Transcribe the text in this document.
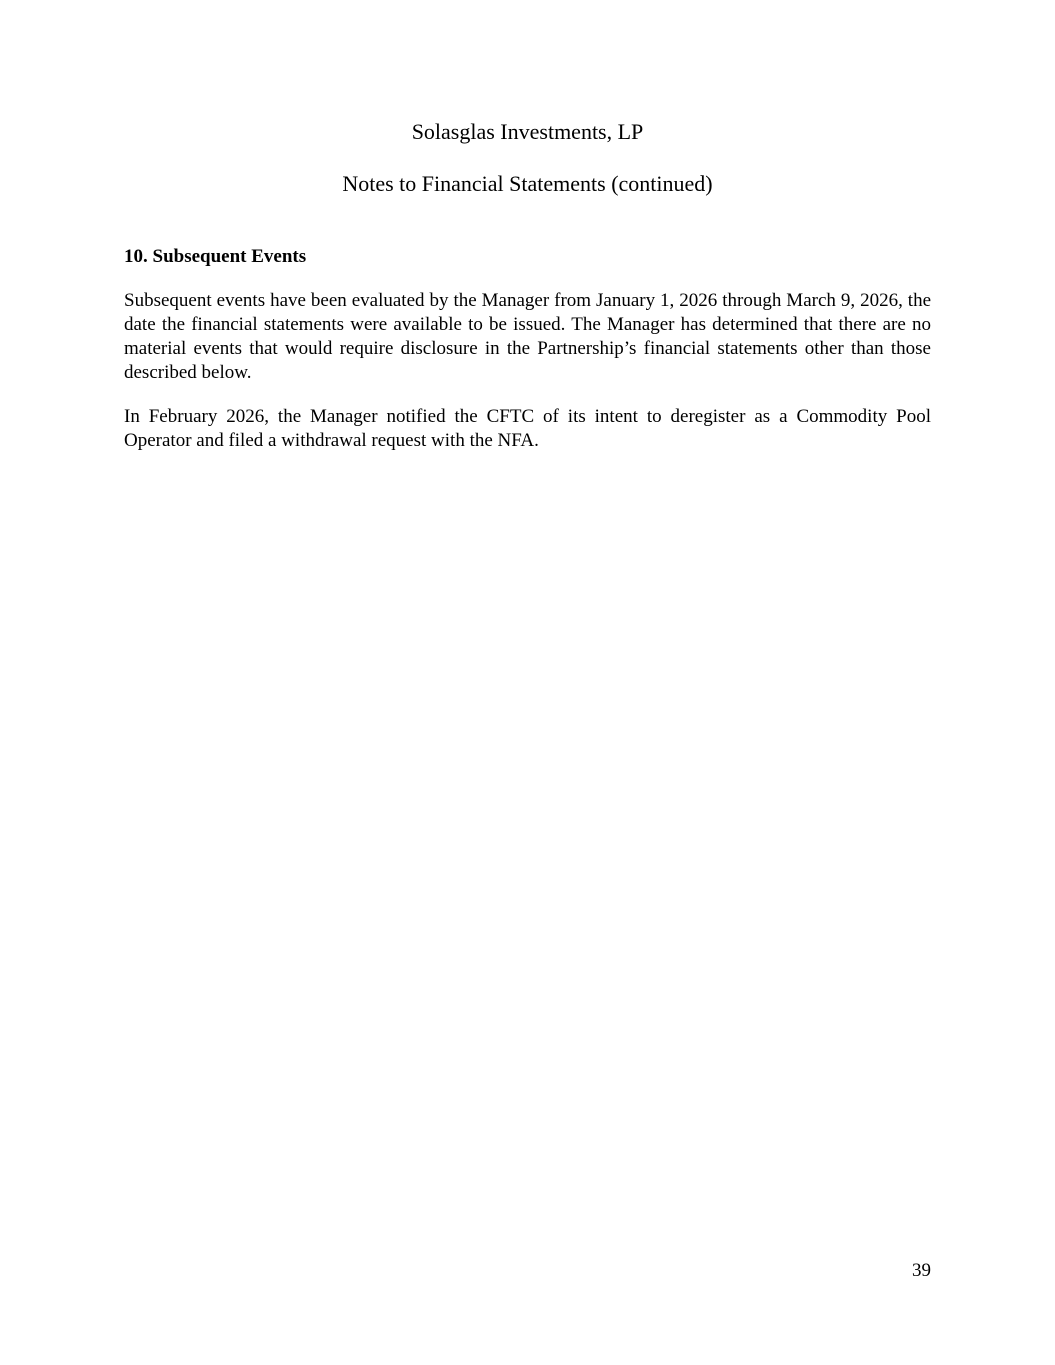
Solasglas Investments, LP
Notes to Financial Statements (continued)
10. Subsequent Events

Subsequent events have been evaluated by the Manager from January 1, 2026 through March 9, 2026, the date the financial statements were available to be issued. The Manager has determined that there are no material events that would require disclosure in the Partnership’s financial statements other than those described below.

In February 2026, the Manager notified the CFTC of its intent to deregister as a Commodity Pool Operator and filed a withdrawal request with the NFA.

39
